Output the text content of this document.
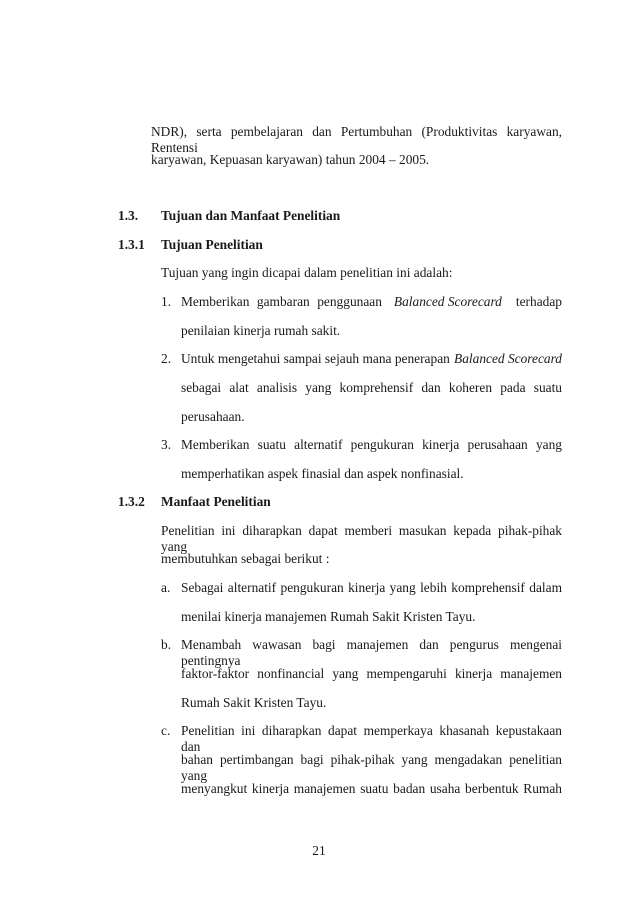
NDR), serta pembelajaran dan Pertumbuhan (Produktivitas karyawan, Rentensi
karyawan, Kepuasan karyawan) tahun 2004 – 2005.
1.3. Tujuan dan Manfaat Penelitian
1.3.1 Tujuan Penelitian
Tujuan yang ingin dicapai dalam penelitian ini adalah:
1. Memberikan gambaran penggunaan Balanced Scorecard terhadap
penilaian kinerja rumah sakit.
2. Untuk mengetahui sampai sejauh mana penerapan Balanced Scorecard
sebagai alat analisis yang komprehensif dan koheren pada suatu
perusahaan.
3. Memberikan suatu alternatif pengukuran kinerja perusahaan yang
memperhatikan aspek finasial dan aspek nonfinasial.
1.3.2 Manfaat Penelitian
Penelitian ini diharapkan dapat memberi masukan kepada pihak-pihak yang
membutuhkan sebagai berikut :
a. Sebagai alternatif pengukuran kinerja yang lebih komprehensif dalam
menilai kinerja manajemen Rumah Sakit Kristen Tayu.
b. Menambah wawasan bagi manajemen dan pengurus mengenai pentingnya
faktor-faktor nonfinancial yang mempengaruhi kinerja manajemen
Rumah Sakit Kristen Tayu.
c. Penelitian ini diharapkan dapat memperkaya khasanah kepustakaan dan
bahan pertimbangan bagi pihak-pihak yang mengadakan penelitian yang
menyangkut kinerja manajemen suatu badan usaha berbentuk Rumah
21
